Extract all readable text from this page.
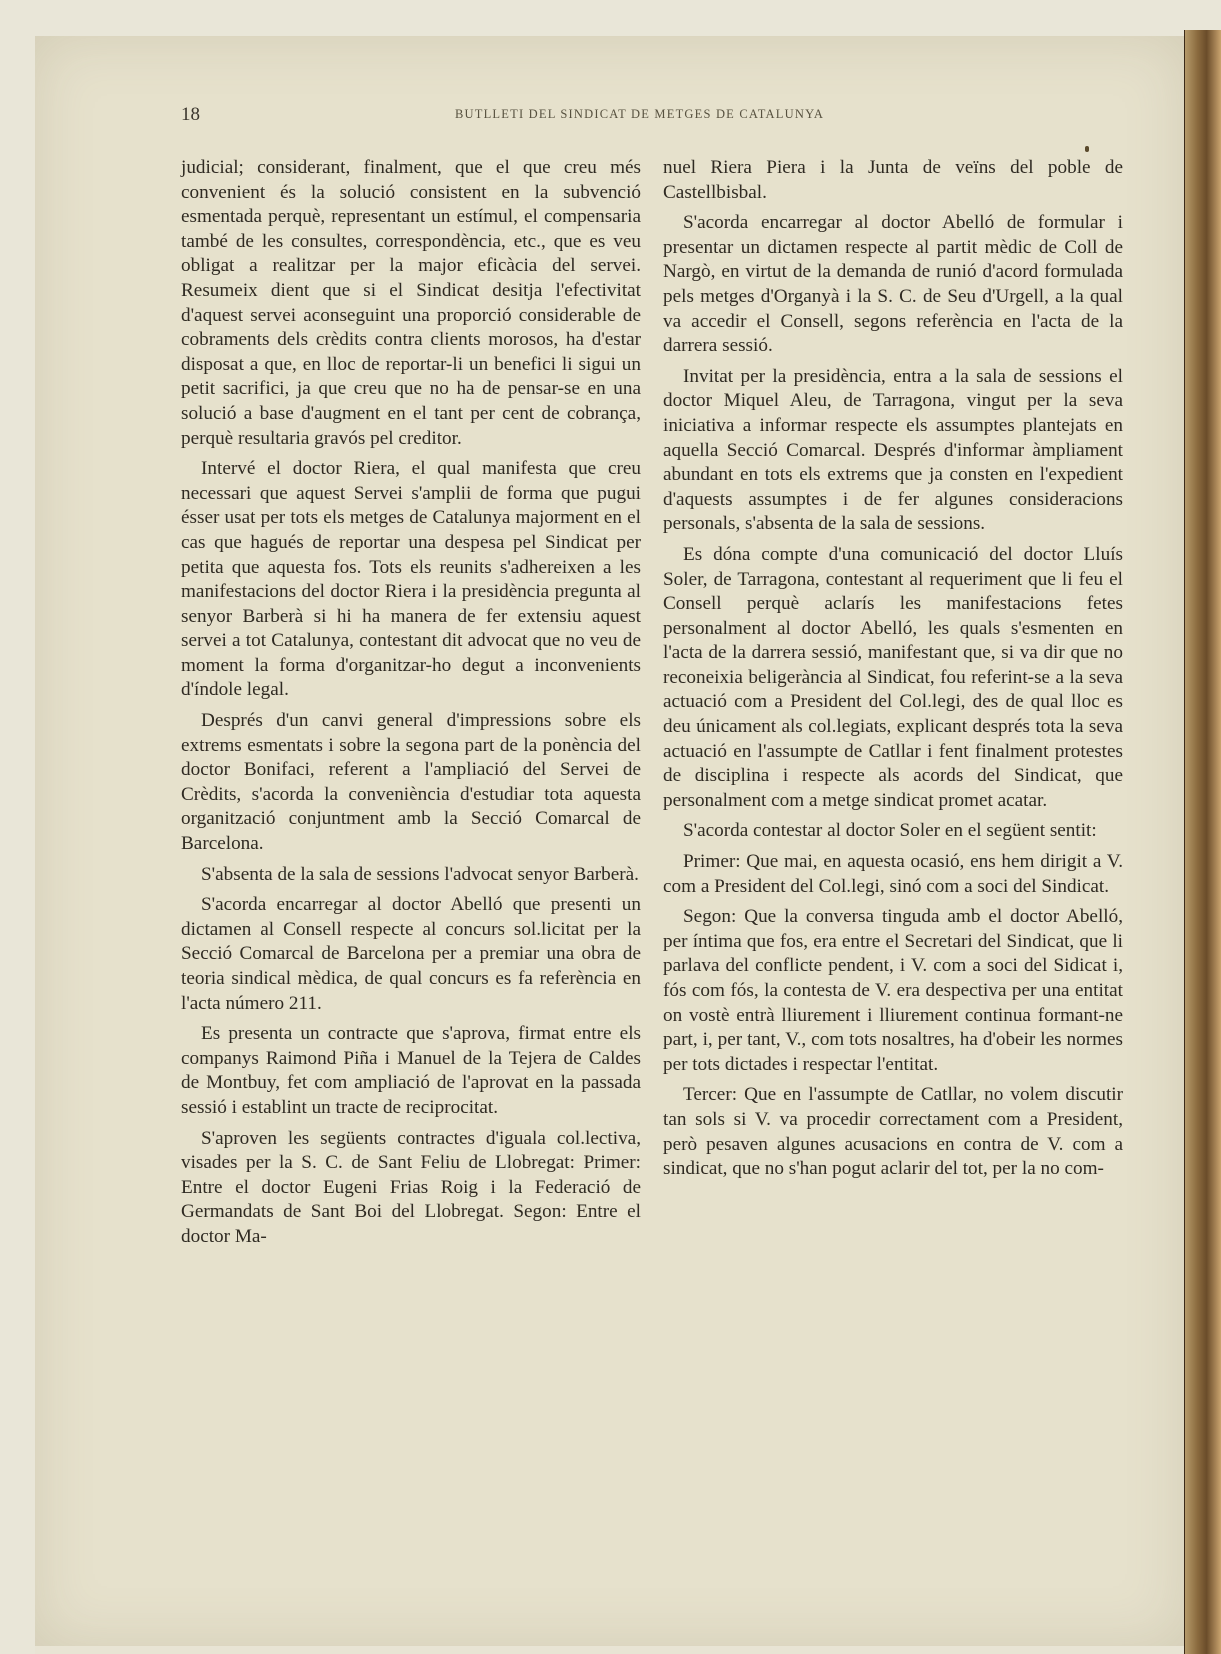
18	BUTLLETI DEL SINDICAT DE METGES DE CATALUNYA

judicial; considerant, finalment, que el que creu més convenient és la solució consistent en la subvenció esmentada perquè, representant un estímul, el compensaria també de les consultes, correspondència, etc., que es veu obligat a realitzar per la major eficàcia del servei. Resumeix dient que si el Sindicat desitja l'efectivitat d'aquest servei aconseguint una proporció considerable de cobraments dels crèdits contra clients morosos, ha d'estar disposat a que, en lloc de reportar-li un benefici li sigui un petit sacrifici, ja que creu que no ha de pensar-se en una solució a base d'augment en el tant per cent de cobrança, perquè resultaria gravós pel creditor.

Intervé el doctor Riera, el qual manifesta que creu necessari que aquest Servei s'amplii de forma que pugui ésser usat per tots els metges de Catalunya majorment en el cas que hagués de reportar una despesa pel Sindicat per petita que aquesta fos. Tots els reunits s'adhereixen a les manifestacions del doctor Riera i la presidència pregunta al senyor Barberà si hi ha manera de fer extensiu aquest servei a tot Catalunya, contestant dit advocat que no veu de moment la forma d'organitzar-ho degut a inconvenients d'índole legal.

Després d'un canvi general d'impressions sobre els extrems esmentats i sobre la segona part de la ponència del doctor Bonifaci, referent a l'ampliació del Servei de Crèdits, s'acorda la conveniència d'estudiar tota aquesta organització conjuntment amb la Secció Comarcal de Barcelona.

S'absenta de la sala de sessions l'advocat senyor Barberà.

S'acorda encarregar al doctor Abelló que presenti un dictamen al Consell respecte al concurs sol.licitat per la Secció Comarcal de Barcelona per a premiar una obra de teoria sindical mèdica, de qual concurs es fa referència en l'acta número 211.

Es presenta un contracte que s'aprova, firmat entre els companys Raimond Piña i Manuel de la Tejera de Caldes de Montbuy, fet com ampliació de l'aprovat en la passada sessió i establint un tracte de reciprocitat.

S'aproven les següents contractes d'iguala col.lectiva, visades per la S. C. de Sant Feliu de Llobregat: Primer: Entre el doctor Eugeni Frias Roig i la Federació de Germandats de Sant Boi del Llobregat. Segon: Entre el doctor Ma-

nuel Riera Piera i la Junta de veïns del poble de Castellbisbal.

S'acorda encarregar al doctor Abelló de formular i presentar un dictamen respecte al partit mèdic de Coll de Nargò, en virtut de la demanda de runió d'acord formulada pels metges d'Organyà i la S. C. de Seu d'Urgell, a la qual va accedir el Consell, segons referència en l'acta de la darrera sessió.

Invitat per la presidència, entra a la sala de sessions el doctor Miquel Aleu, de Tarragona, vingut per la seva iniciativa a informar respecte els assumptes plantejats en aquella Secció Comarcal. Després d'informar àmpliament abundant en tots els extrems que ja consten en l'expedient d'aquests assumptes i de fer algunes consideracions personals, s'absenta de la sala de sessions.

Es dóna compte d'una comunicació del doctor Lluís Soler, de Tarragona, contestant al requeriment que li feu el Consell perquè aclarís les manifestacions fetes personalment al doctor Abelló, les quals s'esmenten en l'acta de la darrera sessió, manifestant que, si va dir que no reconeixia beligerància al Sindicat, fou referint-se a la seva actuació com a President del Col.legi, des de qual lloc es deu únicament als col.legiats, explicant després tota la seva actuació en l'assumpte de Catllar i fent finalment protestes de disciplina i respecte als acords del Sindicat, que personalment com a metge sindicat promet acatar.

S'acorda contestar al doctor Soler en el següent sentit:

Primer: Que mai, en aquesta ocasió, ens hem dirigit a V. com a President del Col.legi, sinó com a soci del Sindicat.

Segon: Que la conversa tinguda amb el doctor Abelló, per íntima que fos, era entre el Secretari del Sindicat, que li parlava del conflicte pendent, i V. com a soci del Sidicat i, fós com fós, la contesta de V. era despectiva per una entitat on vostè entrà lliurement i lliurement continua formant-ne part, i, per tant, V., com tots nosaltres, ha d'obeir les normes per tots dictades i respectar l'entitat.

Tercer: Que en l'assumpte de Catllar, no volem discutir tan sols si V. va procedir correctament com a President, però pesaven algunes acusacions en contra de V. com a sindicat, que no s'han pogut aclarir del tot, per la no com-
